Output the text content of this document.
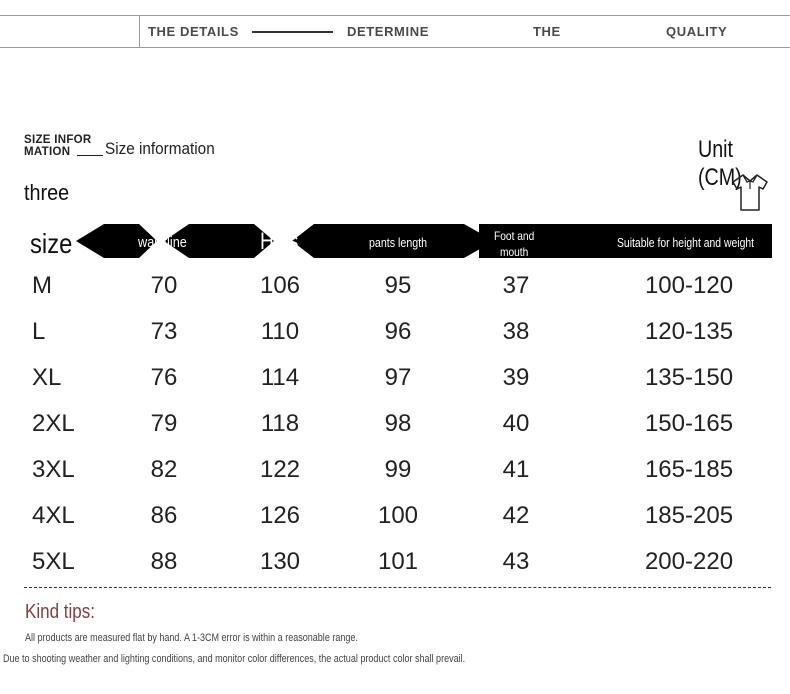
THE DETAILS	DETERMINE	THE	QUALITY
SIZE INFOR
MATION	Size information	Unit (CM)
three
size	waistline	Hips	pants length	Foot and
mouth
Suitable for height and weight
M	70	106	95	37	100-120
L	73	110	96	38	120-135
XL	76	114	97	39	135-150
2XL	79	118	98	40	150-165
3XL	82	122	99	41	165-185
4XL	86	126	100	42	185-205
5XL	88	130	101	43	200-220
Kind tips:
All products are measured flat by hand. A 1-3CM error is within a reasonable range.
Due to shooting weather and lighting conditions, and monitor color differences, the actual product color shall prevail.
